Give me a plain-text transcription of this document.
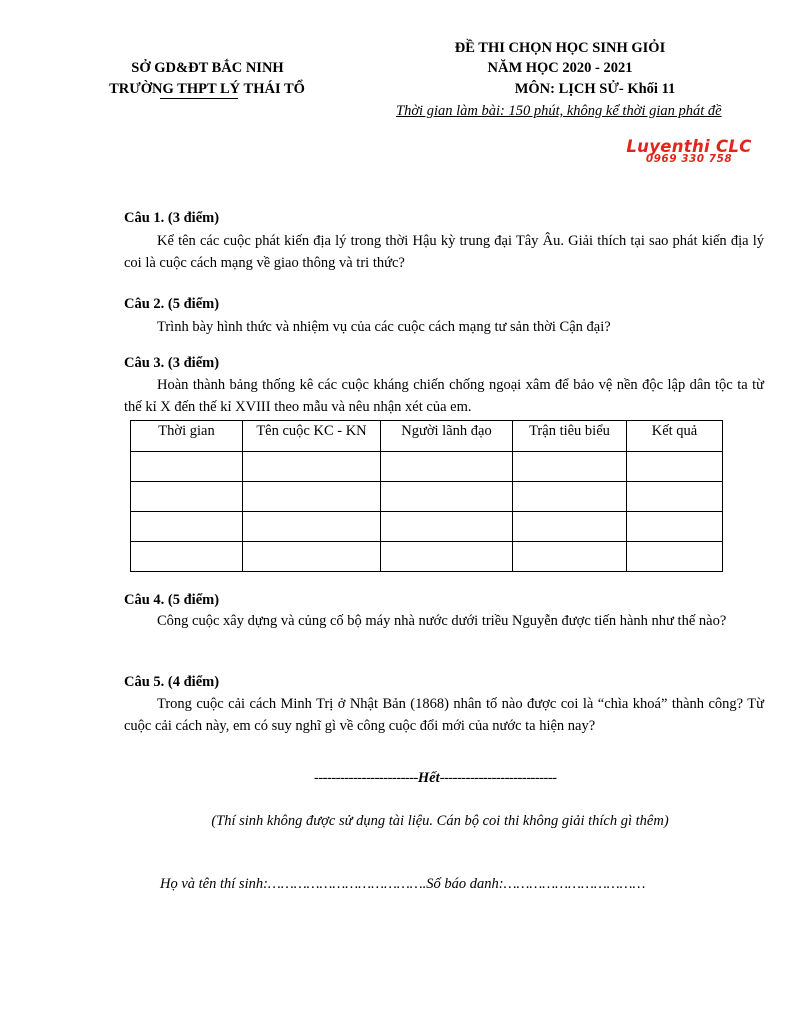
SỞ GD&ĐT BẮC NINH
TRƯỜNG THPT LÝ THÁI TỔ
ĐỀ THI CHỌN HỌC SINH GIỎI
NĂM HỌC 2020 - 2021
MÔN: LỊCH SỬ- Khối 11
Thời gian làm bài: 150 phút, không kể thời gian phát đề
Luyenthi CLC
0969 330 758
Câu 1. (3 điểm)
Kể tên các cuộc phát kiến địa lý trong thời Hậu kỳ trung đại Tây Âu. Giải thích tại sao phát kiến địa lý coi là cuộc cách mạng về giao thông và tri thức?
Câu 2. (5 điểm)
Trình bày hình thức và nhiệm vụ của các cuộc cách mạng tư sản thời Cận đại?
Câu 3. (3 điểm)
Hoàn thành bảng thống kê các cuộc kháng chiến chống ngoại xâm để bảo vệ nền độc lập dân tộc ta từ thế kỉ X đến thế kỉ XVIII theo mẫu và nêu nhận xét của em.
Thời gian	Tên cuộc KC - KN	Người lãnh đạo	Trận tiêu biểu	Kết quả

Câu 4. (5 điểm)
Công cuộc xây dựng và củng cố bộ máy nhà nước dưới triều Nguyễn được tiến hành như thế nào?
Câu 5. (4 điểm)
Trong cuộc cải cách Minh Trị ở Nhật Bản (1868) nhân tố nào được coi là “chìa khoá” thành công? Từ cuộc cải cách này, em có suy nghĩ gì về công cuộc đổi mới của nước ta hiện nay?
------------------------Hết---------------------------
(Thí sinh không được sử dụng tài liệu. Cán bộ coi thi không giải thích gì thêm)
Họ và tên thí sinh:……………………………….Số báo danh:……………………………
